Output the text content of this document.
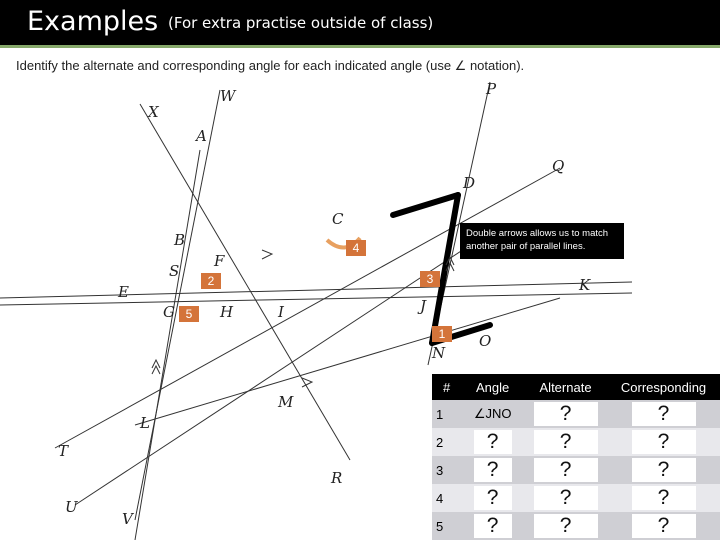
Examples (For extra practise outside of class)
Identify the alternate and corresponding angle for each indicated angle (use ∠ notation).
W
X
A
P
Q
D
C
B
S
F
E
G	H	I	J
K
N
O
M
L
T
R
U
V
4
2	3
5
1
Double arrows allows us to match another pair of parallel lines.
#	Angle	Alternate	Corresponding
1	∠JNO	?	?
2	?	?	?
3	?	?	?
4	?	?	?
5	?	?	?
